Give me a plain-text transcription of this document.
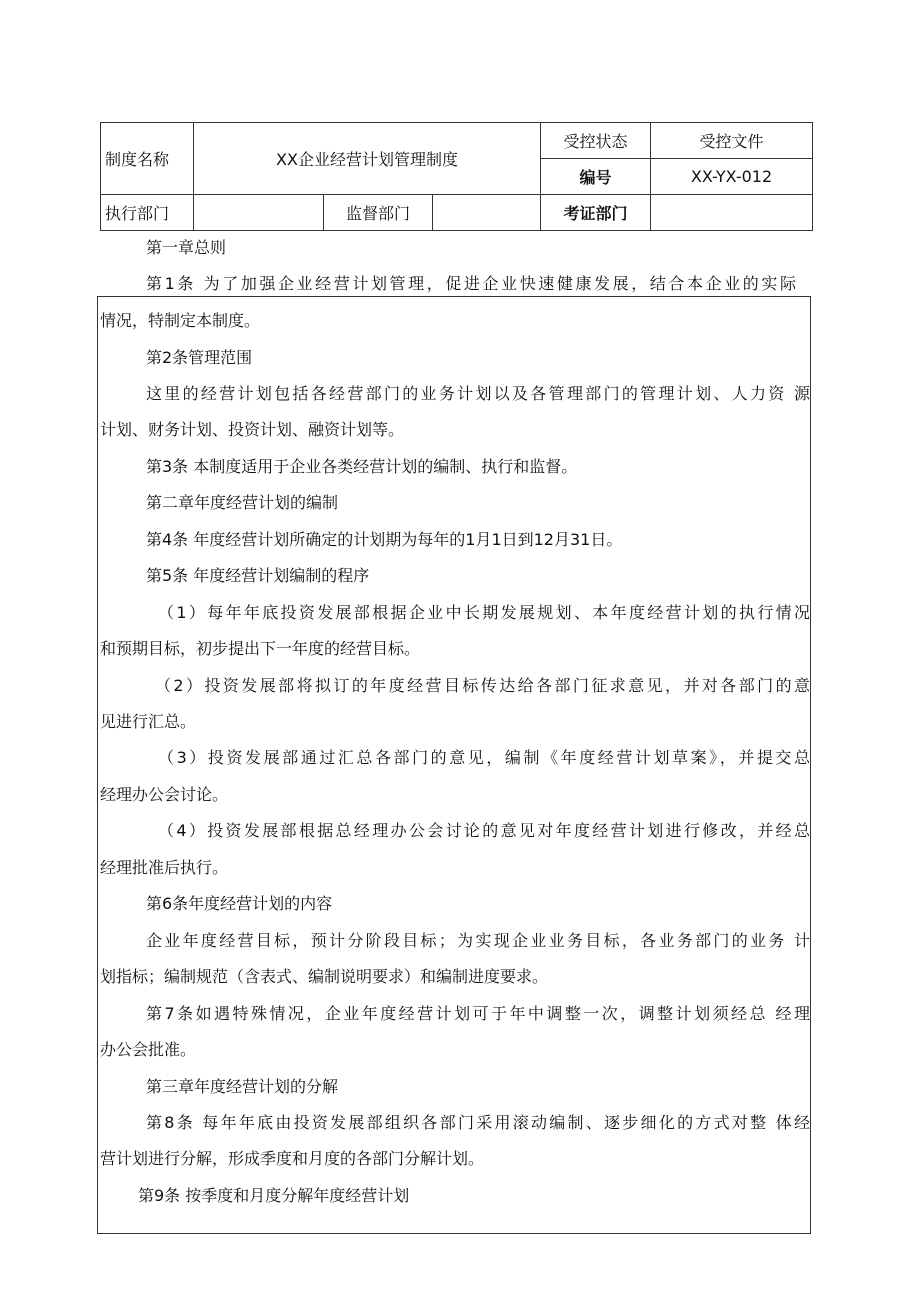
制度名称	XX企业经营计划管理制度			受控状态	受控文件
				编号	XX-YX-012
执行部门		监督部门		考证部门	
第一章总则
第1条 为了加强企业经营计划管理，促进企业快速健康发展，结合本企业的实际
情况，特制定本制度。
第2条管理范围
这里的经营计划包括各经营部门的业务计划以及各管理部门的管理计划、人力资 源
计划、财务计划、投资计划、融资计划等。
第3条 本制度适用于企业各类经营计划的编制、执行和监督。
第二章年度经营计划的编制
第4条 年度经营计划所确定的计划期为每年的1月1日到12月31日。
第5条 年度经营计划编制的程序
（1）每年年底投资发展部根据企业中长期发展规划、本年度经营计划的执行情况
和预期目标，初步提出下一年度的经营目标。
（2）投资发展部将拟订的年度经营目标传达给各部门征求意见，并对各部门的意
见进行汇总。
（3）投资发展部通过汇总各部门的意见，编制《年度经营计划草案》，并提交总
经理办公会讨论。
（4）投资发展部根据总经理办公会讨论的意见对年度经营计划进行修改，并经总
经理批准后执行。
第6条年度经营计划的内容
企业年度经营目标，预计分阶段目标；为实现企业业务目标，各业务部门的业务 计
划指标；编制规范（含表式、编制说明要求）和编制进度要求。
第7条如遇特殊情况，企业年度经营计划可于年中调整一次，调整计划须经总 经理
办公会批准。
第三章年度经营计划的分解
第8条 每年年底由投资发展部组织各部门采用滚动编制、逐步细化的方式对整 体经
营计划进行分解，形成季度和月度的各部门分解计划。
第9条 按季度和月度分解年度经营计划
